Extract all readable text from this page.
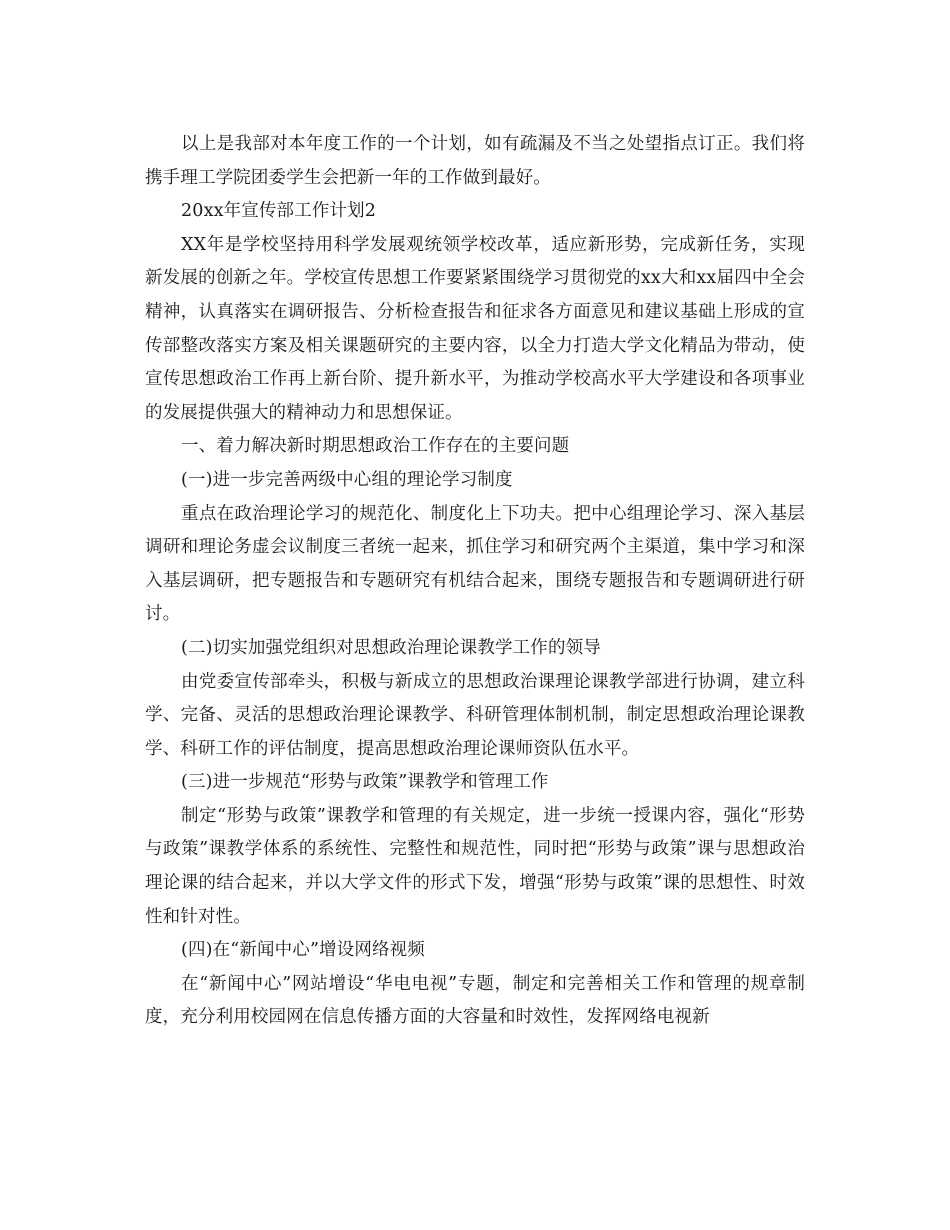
以上是我部对本年度工作的一个计划，如有疏漏及不当之处望指点订正。我们将携手理工学院团委学生会把新一年的工作做到最好。

20xx年宣传部工作计划2

XX年是学校坚持用科学发展观统领学校改革，适应新形势，完成新任务，实现新发展的创新之年。学校宣传思想工作要紧紧围绕学习贯彻党的xx大和xx届四中全会精神，认真落实在调研报告、分析检查报告和征求各方面意见和建议基础上形成的宣传部整改落实方案及相关课题研究的主要内容，以全力打造大学文化精品为带动，使宣传思想政治工作再上新台阶、提升新水平，为推动学校高水平大学建设和各项事业的发展提供强大的精神动力和思想保证。

一、着力解决新时期思想政治工作存在的主要问题

(一)进一步完善两级中心组的理论学习制度

重点在政治理论学习的规范化、制度化上下功夫。把中心组理论学习、深入基层调研和理论务虚会议制度三者统一起来，抓住学习和研究两个主渠道，集中学习和深入基层调研，把专题报告和专题研究有机结合起来，围绕专题报告和专题调研进行研讨。

(二)切实加强党组织对思想政治理论课教学工作的领导

由党委宣传部牵头，积极与新成立的思想政治课理论课教学部进行协调，建立科学、完备、灵活的思想政治理论课教学、科研管理体制机制，制定思想政治理论课教学、科研工作的评估制度，提高思想政治理论课师资队伍水平。

(三)进一步规范“形势与政策”课教学和管理工作

制定“形势与政策”课教学和管理的有关规定，进一步统一授课内容，强化“形势与政策”课教学体系的系统性、完整性和规范性，同时把“形势与政策”课与思想政治理论课的结合起来，并以大学文件的形式下发，增强“形势与政策”课的思想性、时效性和针对性。

(四)在“新闻中心”增设网络视频

在“新闻中心”网站增设“华电电视”专题，制定和完善相关工作和管理的规章制度，充分利用校园网在信息传播方面的大容量和时效性，发挥网络电视新
